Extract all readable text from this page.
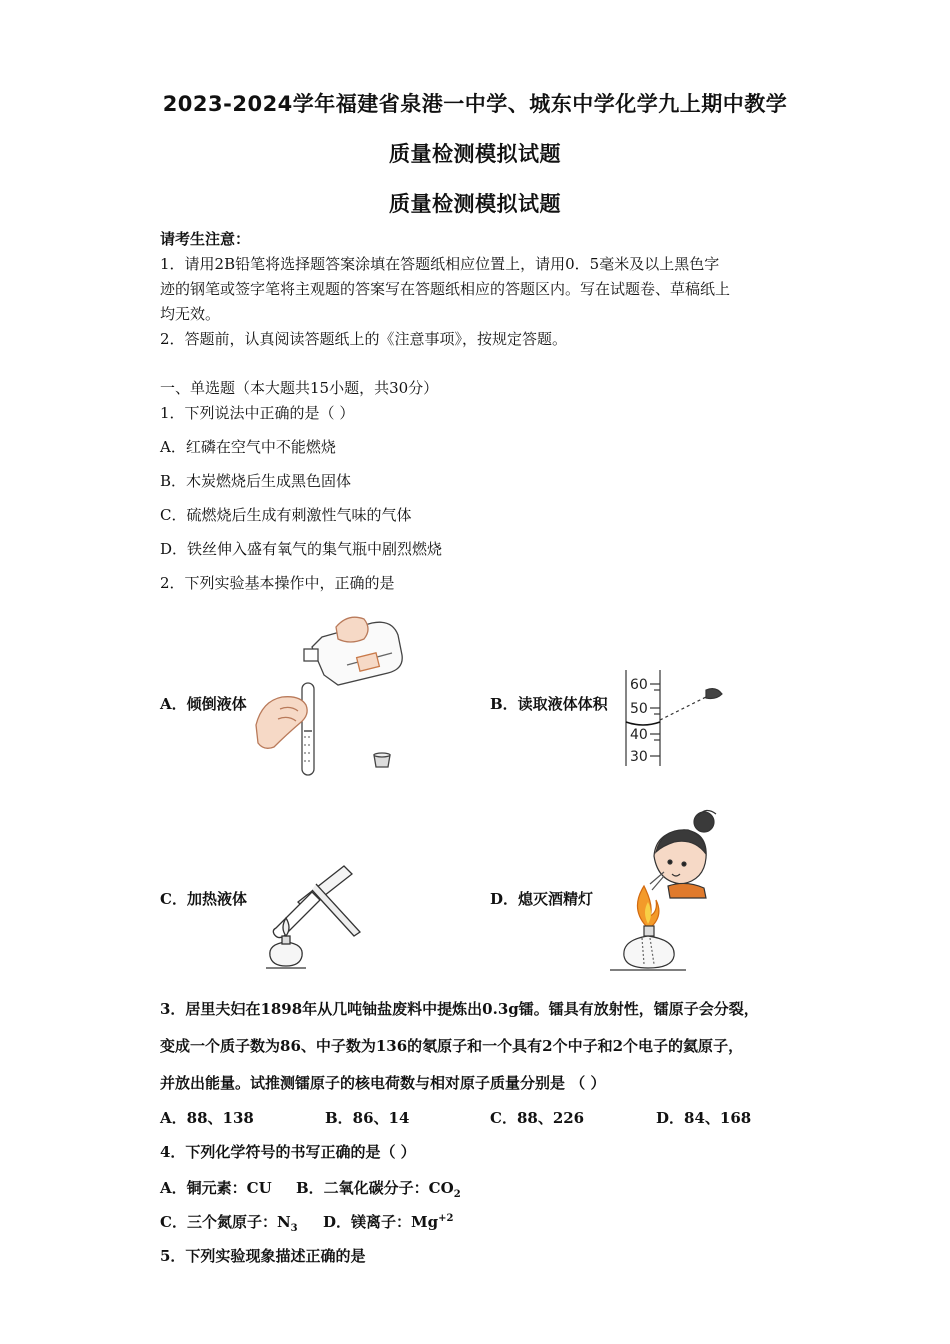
2023-2024学年福建省泉港一中学、城东中学化学九上期中教学
质量检测模拟试题
质量检测模拟试题
请考生注意：
1．请用2B铅笔将选择题答案涂填在答题纸相应位置上，请用0．5毫米及以上黑色字
迹的钢笔或签字笔将主观题的答案写在答题纸相应的答题区内。写在试题卷、草稿纸上
均无效。
2．答题前，认真阅读答题纸上的《注意事项》，按规定答题。
一、单选题（本大题共15小题，共30分）
1．下列说法中正确的是（ ）
A．红磷在空气中不能燃烧
B．木炭燃烧后生成黑色固体
C．硫燃烧后生成有刺激性气味的气体
D．铁丝伸入盛有氧气的集气瓶中剧烈燃烧
2．下列实验基本操作中，正确的是
A．倾倒液体	B．读取液体体积
C．加热液体	D．熄灭酒精灯
60
50
40
30
3．居里夫妇在1898年从几吨铀盐废料中提炼出0.3g镭。镭具有放射性，镭原子会分裂，
变成一个质子数为86、中子数为136的氡原子和一个具有2个中子和2个电子的氦原子，
并放出能量。试推测镭原子的核电荷数与相对原子质量分别是 （ ）
A．88、138	B．86、14	C．88、226	D．84、168
4．下列化学符号的书写正确的是（ ）
A．铜元素：CU B．二氧化碳分子：$CO_2$
C．三个氮原子：$N_3$ D．镁离子：$Mg^{+2}$
5．下列实验现象描述正确的是
